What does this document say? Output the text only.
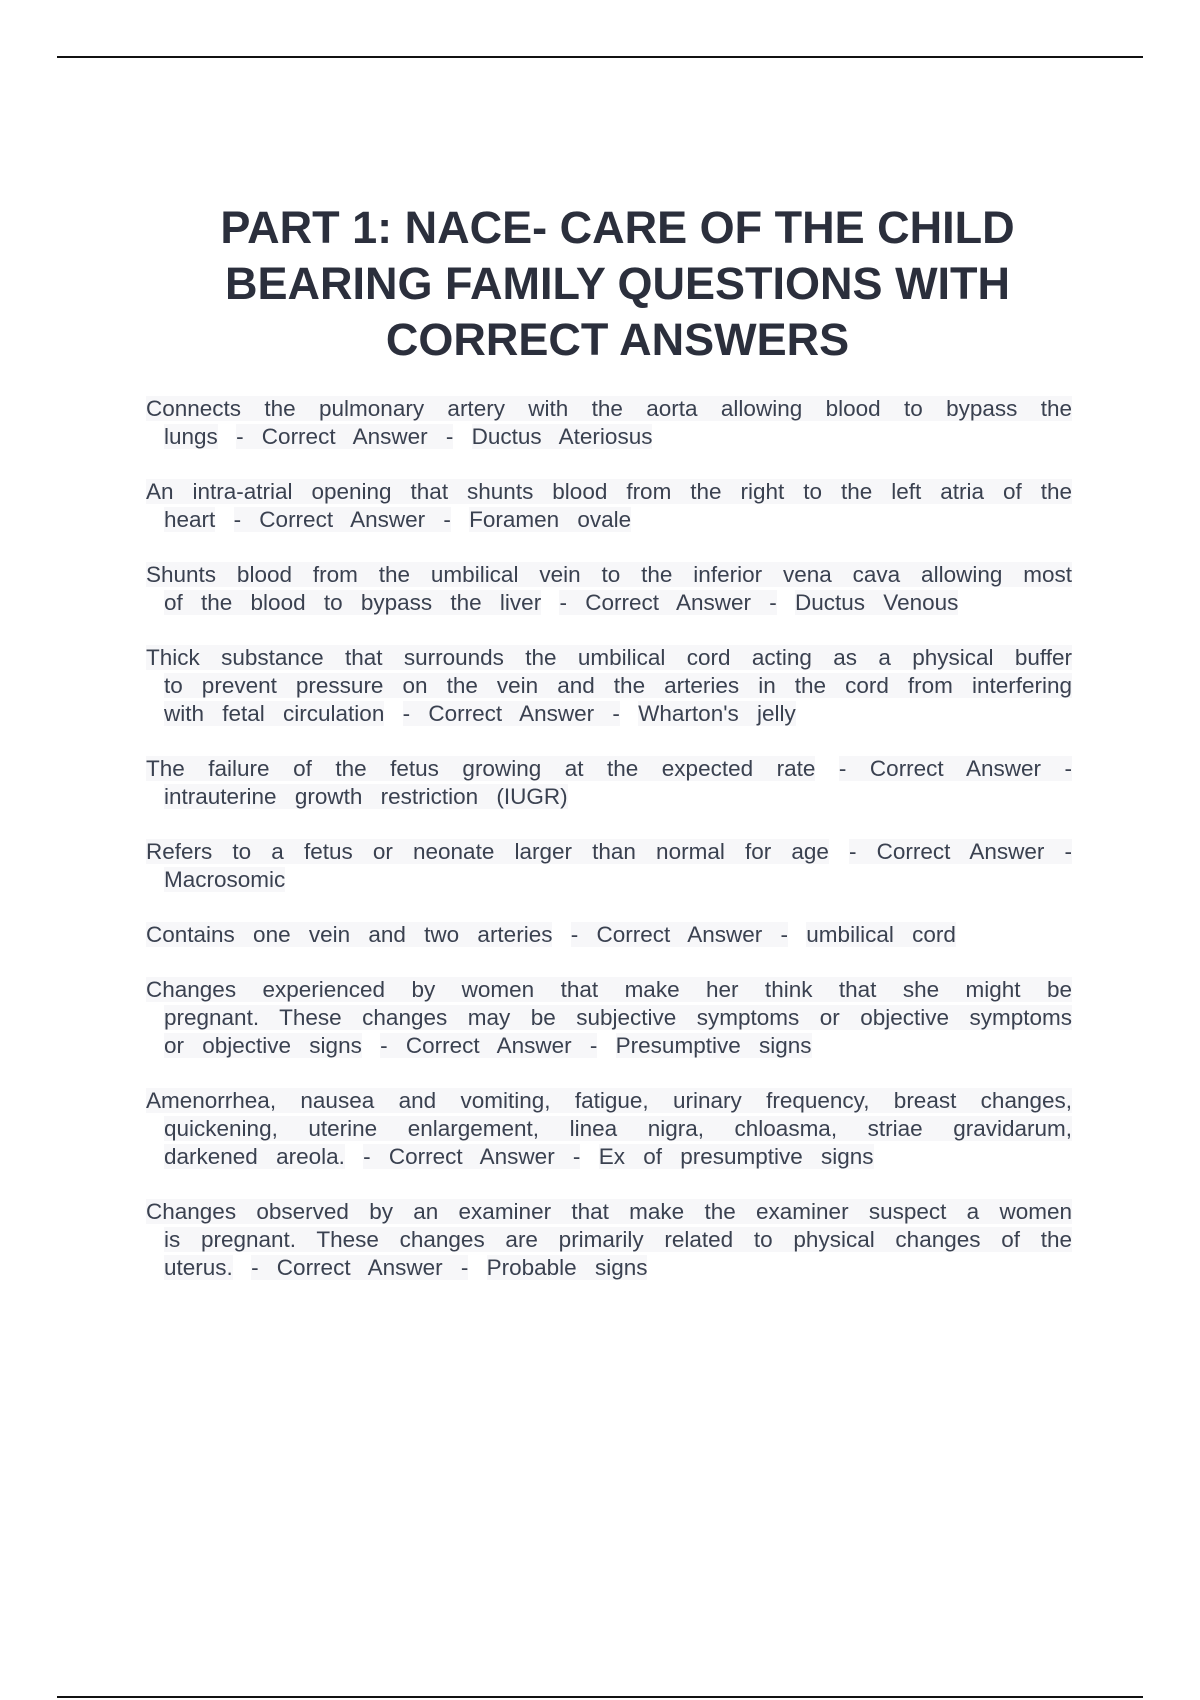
PART 1: NACE- CARE OF THE CHILD BEARING FAMILY QUESTIONS WITH CORRECT ANSWERS
Connects the pulmonary artery with the aorta allowing blood to bypass the lungs - Correct Answer - Ductus Ateriosus
An intra-atrial opening that shunts blood from the right to the left atria of the heart - Correct Answer - Foramen ovale
Shunts blood from the umbilical vein to the inferior vena cava allowing most of the blood to bypass the liver - Correct Answer - Ductus Venous
Thick substance that surrounds the umbilical cord acting as a physical buffer to prevent pressure on the vein and the arteries in the cord from interfering with fetal circulation - Correct Answer - Wharton's jelly
The failure of the fetus growing at the expected rate - Correct Answer - intrauterine growth restriction (IUGR)
Refers to a fetus or neonate larger than normal for age - Correct Answer - Macrosomic
Contains one vein and two arteries - Correct Answer - umbilical cord
Changes experienced by women that make her think that she might be pregnant. These changes may be subjective symptoms or objective symptoms or objective signs - Correct Answer - Presumptive signs
Amenorrhea, nausea and vomiting, fatigue, urinary frequency, breast changes, quickening, uterine enlargement, linea nigra, chloasma, striae gravidarum, darkened areola. - Correct Answer - Ex of presumptive signs
Changes observed by an examiner that make the examiner suspect a women is pregnant. These changes are primarily related to physical changes of the uterus. - Correct Answer - Probable signs
